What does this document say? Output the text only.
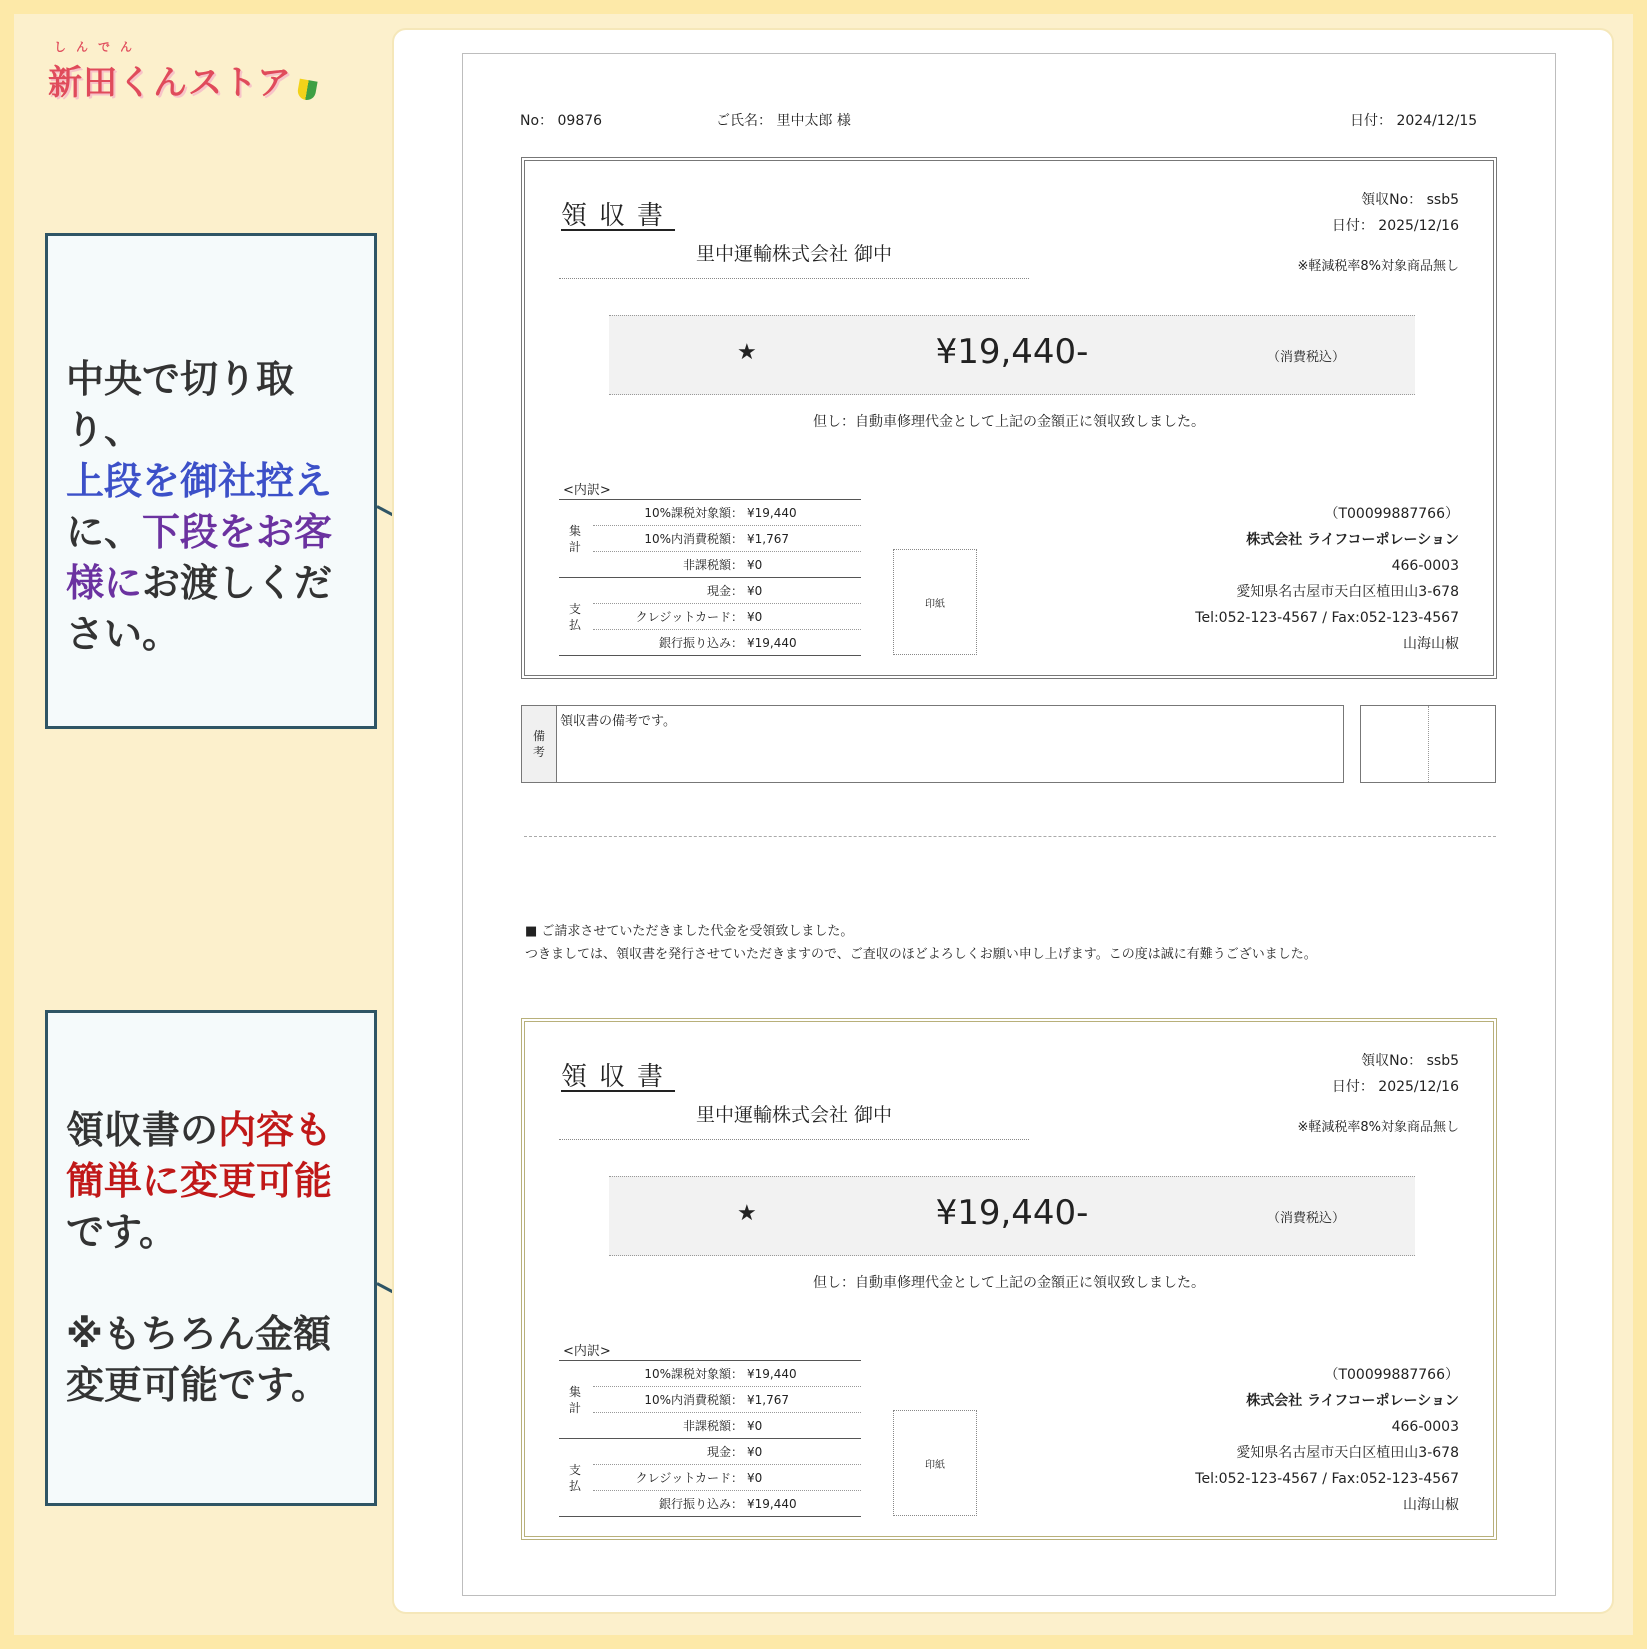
しんでん
新田くんストア
中央で切り取り、
上段を御社控え
に、下段をお客
様にお渡しください。
領収書の内容も
簡単に変更可能
です。

※もちろん金額変更可能です。
No： 09876	ご氏名： 里中太郎 様	日付： 2024/12/15
領収書
領収No： ssb5
日付： 2025/12/16
里中運輸株式会社 御中
※軽減税率8%対象商品無し
★	¥19,440-	（消費税込）
但し：自動車修理代金として上記の金額正に領収致しました。
<内訳>
集
計
10%課税対象額： ¥19,440
10%内消費税額： ¥1,767
非課税額： ¥0
支
払
現金： ¥0
クレジットカード： ¥0
銀行振り込み： ¥19,440
印紙
（T00099887766）
株式会社 ライフコーポレーション
466-0003
愛知県名古屋市天白区植田山3-678
Tel:052-123-4567 / Fax:052-123-4567
山海山椒
備
考
領収書の備考です。
■ ご請求させていただきました代金を受領致しました。
つきましては、領収書を発行させていただきますので、ご査収のほどよろしくお願い申し上げます。この度は誠に有難うございました。
領収書
領収No： ssb5
日付： 2025/12/16
里中運輸株式会社 御中
※軽減税率8%対象商品無し
★	¥19,440-	（消費税込）
但し：自動車修理代金として上記の金額正に領収致しました。
<内訳>
集
計
10%課税対象額： ¥19,440
10%内消費税額： ¥1,767
非課税額： ¥0
支
払
現金： ¥0
クレジットカード： ¥0
銀行振り込み： ¥19,440
印紙
（T00099887766）
株式会社 ライフコーポレーション
466-0003
愛知県名古屋市天白区植田山3-678
Tel:052-123-4567 / Fax:052-123-4567
山海山椒
